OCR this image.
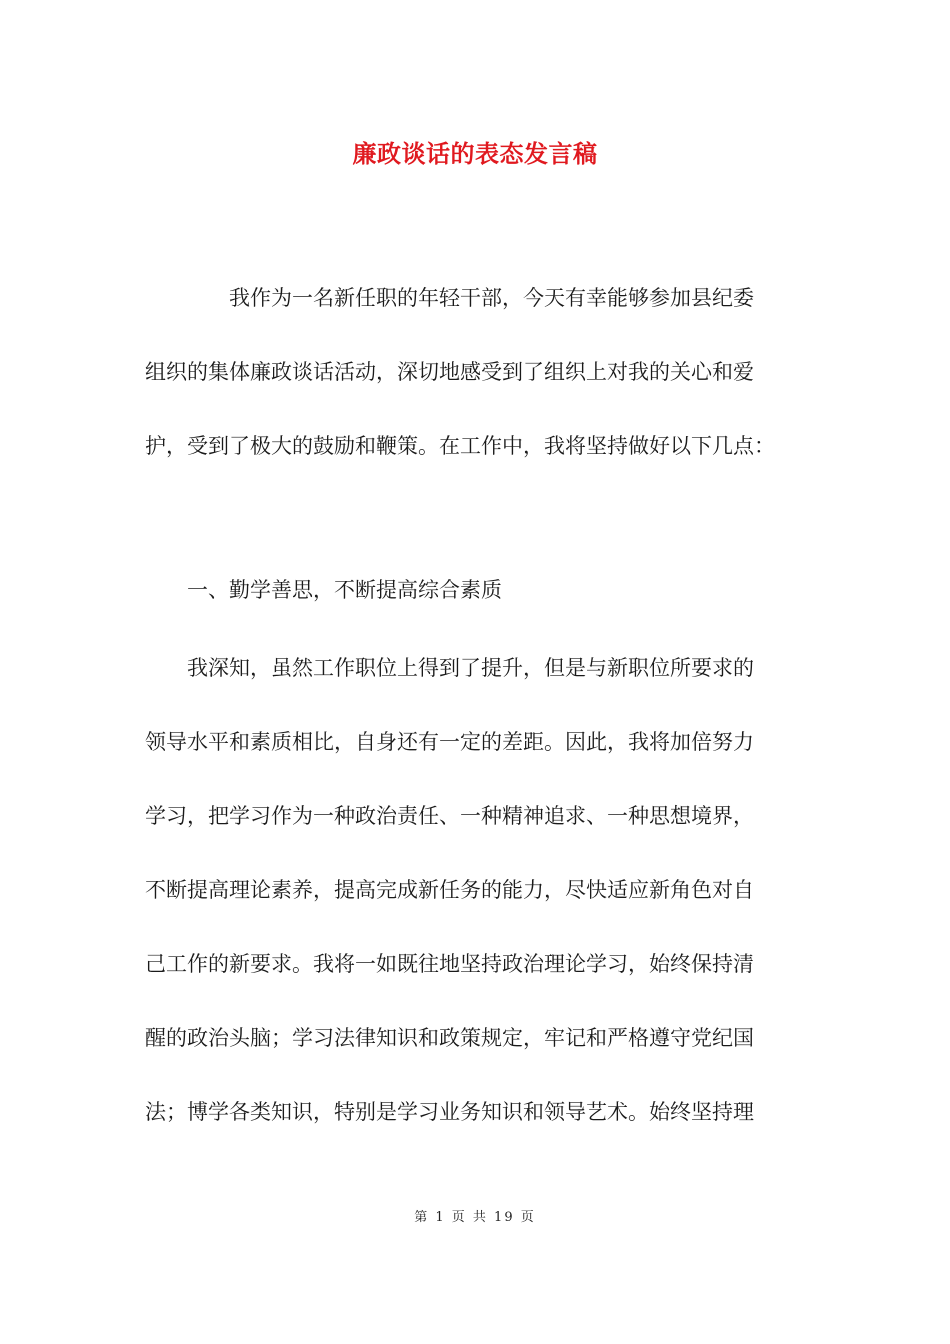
廉政谈话的表态发言稿
　　　　我作为一名新任职的年轻干部，今天有幸能够参加县纪委
组织的集体廉政谈话活动，深切地感受到了组织上对我的关心和爱
护，受到了极大的鼓励和鞭策。在工作中，我将坚持做好以下几点：
　　一、勤学善思，不断提高综合素质
　　我深知，虽然工作职位上得到了提升，但是与新职位所要求的
领导水平和素质相比，自身还有一定的差距。因此，我将加倍努力
学习，把学习作为一种政治责任、一种精神追求、一种思想境界，
不断提高理论素养，提高完成新任务的能力，尽快适应新角色对自
己工作的新要求。我将一如既往地坚持政治理论学习，始终保持清
醒的政治头脑；学习法律知识和政策规定，牢记和严格遵守党纪国
法；博学各类知识，特别是学习业务知识和领导艺术。始终坚持理
第 1 页 共 19 页
